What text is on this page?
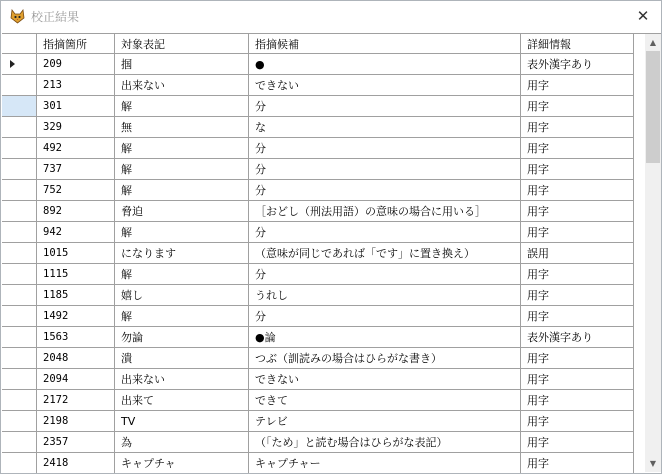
校正結果	✕
	指摘箇所	対象表記	指摘候補	詳細情報
	209	掴	●	表外漢字あり
	213	出来ない	できない	用字
	301	解	分	用字
	329	無	な	用字
	492	解	分	用字
	737	解	分	用字
	752	解	分	用字
	892	脅迫	［おどし（刑法用語）の意味の場合に用いる］	用字
	942	解	分	用字
	1015	になります	（意味が同じであれば「です」に置き換え）	誤用
	1115	解	分	用字
	1185	嬉し	うれし	用字
	1492	解	分	用字
	1563	勿論	●論	表外漢字あり
	2048	潰	つぶ（訓読みの場合はひらがな書き）	用字
	2094	出来ない	できない	用字
	2172	出来て	できて	用字
	2198	TV	テレビ	用字
	2357	為	（「ため」と読む場合はひらがな表記）	用字
	2418	キャプチャ	キャプチャー	用字

▲
▼
